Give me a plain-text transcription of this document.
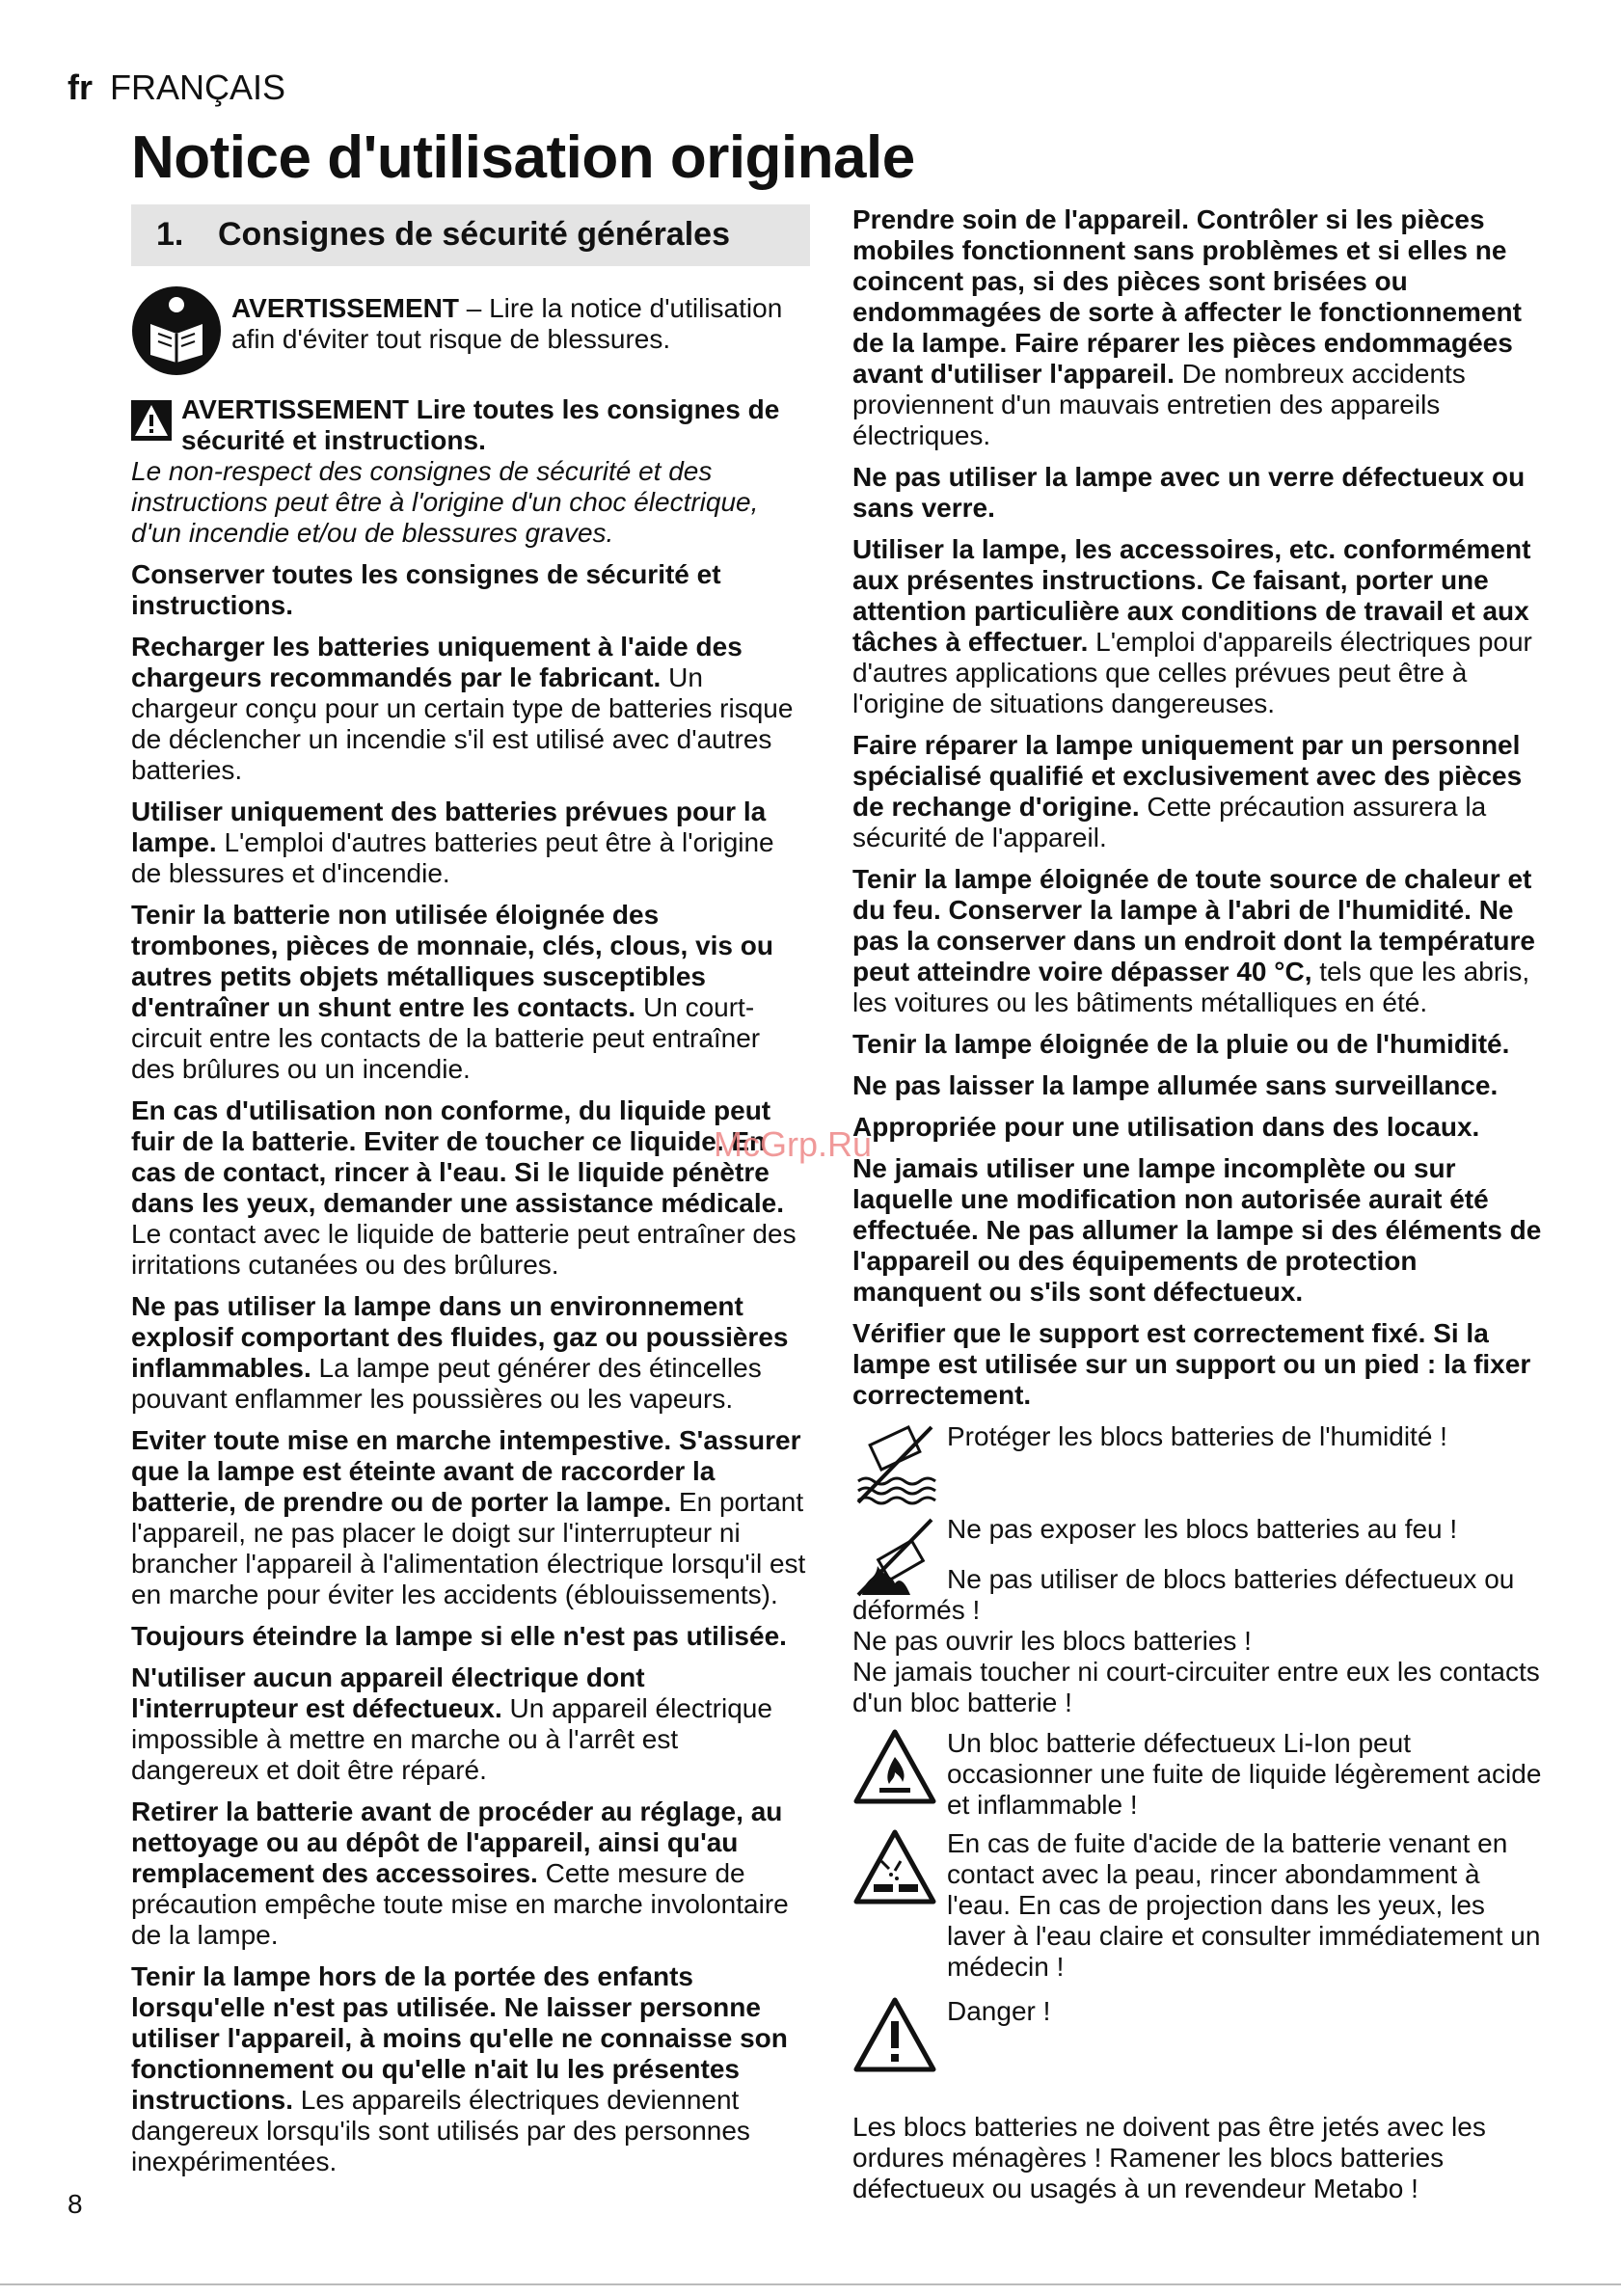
fr FRANÇAIS
Notice d'utilisation originale
1. Consignes de sécurité générales

AVERTISSEMENT – Lire la notice d'utilisation afin d'éviter tout risque de blessures.

AVERTISSEMENT Lire toutes les consignes de sécurité et instructions.
Le non-respect des consignes de sécurité et des instructions peut être à l'origine d'un choc électrique, d'un incendie et/ou de blessures graves.

Conserver toutes les consignes de sécurité et instructions.

Recharger les batteries uniquement à l'aide des chargeurs recommandés par le fabricant. Un chargeur conçu pour un certain type de batteries risque de déclencher un incendie s'il est utilisé avec d'autres batteries.

Utiliser uniquement des batteries prévues pour la lampe. L'emploi d'autres batteries peut être à l'origine de blessures et d'incendie.

Tenir la batterie non utilisée éloignée des trombones, pièces de monnaie, clés, clous, vis ou autres petits objets métalliques susceptibles d'entraîner un shunt entre les contacts. Un court-circuit entre les contacts de la batterie peut entraîner des brûlures ou un incendie.

En cas d'utilisation non conforme, du liquide peut fuir de la batterie. Eviter de toucher ce liquide. En cas de contact, rincer à l'eau. Si le liquide pénètre dans les yeux, demander une assistance médicale. Le contact avec le liquide de batterie peut entraîner des irritations cutanées ou des brûlures.

Ne pas utiliser la lampe dans un environnement explosif comportant des fluides, gaz ou poussières inflammables. La lampe peut générer des étincelles pouvant enflammer les poussières ou les vapeurs.

Eviter toute mise en marche intempestive. S'assurer que la lampe est éteinte avant de raccorder la batterie, de prendre ou de porter la lampe. En portant l'appareil, ne pas placer le doigt sur l'interrupteur ni brancher l'appareil à l'alimentation électrique lorsqu'il est en marche pour éviter les accidents (éblouissements).

Toujours éteindre la lampe si elle n'est pas utilisée.

N'utiliser aucun appareil électrique dont l'interrupteur est défectueux. Un appareil électrique impossible à mettre en marche ou à l'arrêt est dangereux et doit être réparé.

Retirer la batterie avant de procéder au réglage, au nettoyage ou au dépôt de l'appareil, ainsi qu'au remplacement des accessoires. Cette mesure de précaution empêche toute mise en marche involontaire de la lampe.

Tenir la lampe hors de la portée des enfants lorsqu'elle n'est pas utilisée. Ne laisser personne utiliser l'appareil, à moins qu'elle ne connaisse son fonctionnement ou qu'elle n'ait lu les présentes instructions. Les appareils électriques deviennent dangereux lorsqu'ils sont utilisés par des personnes inexpérimentées.

Prendre soin de l'appareil. Contrôler si les pièces mobiles fonctionnent sans problèmes et si elles ne coincent pas, si des pièces sont brisées ou endommagées de sorte à affecter le fonctionnement de la lampe. Faire réparer les pièces endommagées avant d'utiliser l'appareil. De nombreux accidents proviennent d'un mauvais entretien des appareils électriques.

Ne pas utiliser la lampe avec un verre défectueux ou sans verre.

Utiliser la lampe, les accessoires, etc. conformément aux présentes instructions. Ce faisant, porter une attention particulière aux conditions de travail et aux tâches à effectuer. L'emploi d'appareils électriques pour d'autres applications que celles prévues peut être à l'origine de situations dangereuses.

Faire réparer la lampe uniquement par un personnel spécialisé qualifié et exclusivement avec des pièces de rechange d'origine. Cette précaution assurera la sécurité de l'appareil.

Tenir la lampe éloignée de toute source de chaleur et du feu. Conserver la lampe à l'abri de l'humidité. Ne pas la conserver dans un endroit dont la température peut atteindre voire dépasser 40 °C, tels que les abris, les voitures ou les bâtiments métalliques en été.

Tenir la lampe éloignée de la pluie ou de l'humidité.

Ne pas laisser la lampe allumée sans surveillance.

Appropriée pour une utilisation dans des locaux.

Ne jamais utiliser une lampe incomplète ou sur laquelle une modification non autorisée aurait été effectuée. Ne pas allumer la lampe si des éléments de l'appareil ou des équipements de protection manquent ou s'ils sont défectueux.

Vérifier que le support est correctement fixé. Si la lampe est utilisée sur un support ou un pied : la fixer correctement.

Protéger les blocs batteries de l'humidité !
Ne pas exposer les blocs batteries au feu !

Ne pas utiliser de blocs batteries défectueux ou déformés !

Ne pas ouvrir les blocs batteries !

Ne jamais toucher ni court-circuiter entre eux les contacts d'un bloc batterie !

Un bloc batterie défectueux Li-Ion peut occasionner une fuite de liquide légèrement acide et inflammable !
En cas de fuite d'acide de la batterie venant en contact avec la peau, rincer abondamment à l'eau. En cas de projection dans les yeux, les laver à l'eau claire et consulter immédiatement un médecin !
Danger !

Les blocs batteries ne doivent pas être jetés avec les ordures ménagères ! Ramener les blocs batteries défectueux ou usagés à un revendeur Metabo !

McGrp.Ru
8
